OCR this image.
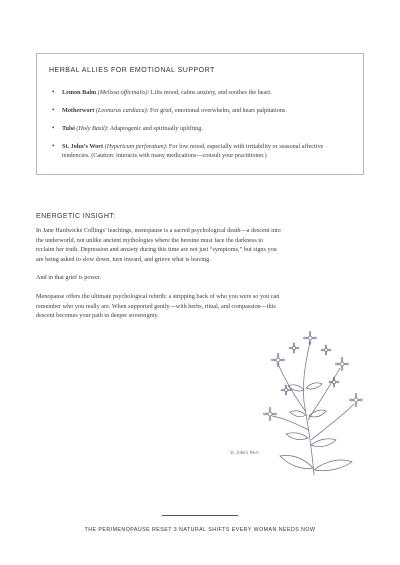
HERBAL ALLIES FOR EMOTIONAL SUPPORT
• Lemon Balm (Melissa officinalis): Lifts mood, calms anxiety, and soothes the heart.
• Motherwort (Leonurus cardiaca): For grief, emotional overwhelm, and heart palpitations.
• Tulsi (Holy Basil): Adaptogenic and spiritually uplifting.
• St. John’s Wort (Hypericum perforatum): For low mood, especially with irritability or seasonal affective tendencies. (Caution: interacts with many medications—consult your practitioner.)
ENERGETIC INSIGHT:

In Jane Hardwicke Collings’ teachings, menopause is a sacred psychological death—a descent into the underworld, not unlike ancient mythologies where the heroine must face the darkness to reclaim her truth. Depression and anxiety during this time are not just “symptoms,” but signs you are being asked to slow down, turn inward, and grieve what is leaving.

And in that grief is power.

Menopause offers the ultimate psychological rebirth: a stripping back of who you were so you can remember who you really are. When supported gently—with herbs, ritual, and compassion—this descent becomes your path to deeper sovereignty.

St. John’s Wort
THE PERIMENOPAUSE RESET 3 NATURAL SHIFTS EVERY WOMAN NEEDS NOW
